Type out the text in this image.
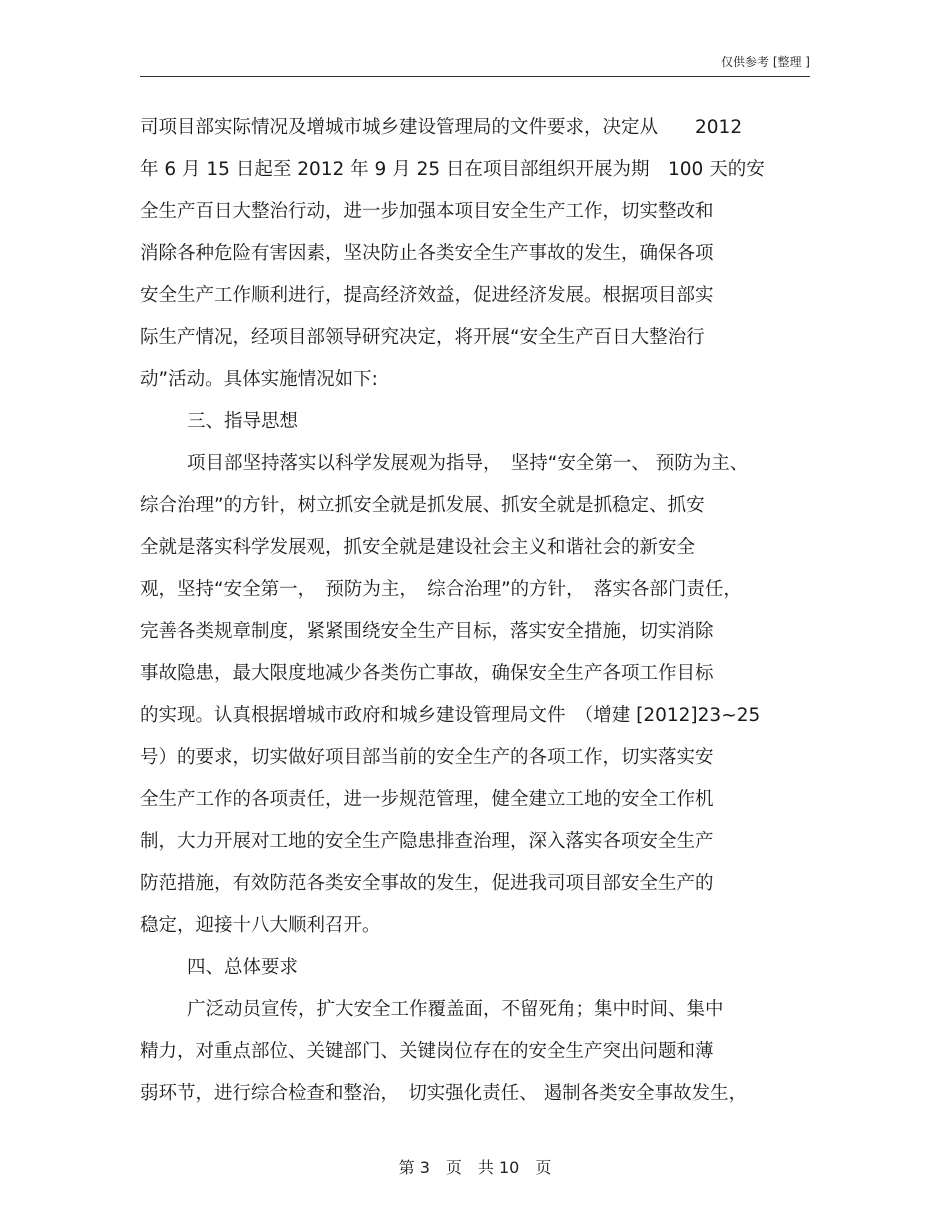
仅供参考 [整理 ]
司项目部实际情况及增城市城乡建设管理局的文件要求，决定从　　2012
年 6 月 15 日起至 2012 年 9 月 25 日在项目部组织开展为期　100 天的安
全生产百日大整治行动，进一步加强本项目安全生产工作，切实整改和
消除各种危险有害因素，坚决防止各类安全生产事故的发生，确保各项
安全生产工作顺利进行，提高经济效益，促进经济发展。根据项目部实
际生产情况，经项目部领导研究决定，将开展“安全生产百日大整治行
动”活动。具体实施情况如下:
三、指导思想
项目部坚持落实以科学发展观为指导，　坚持“安全第一、 预防为主、
综合治理”的方针，树立抓安全就是抓发展、抓安全就是抓稳定、抓安
全就是落实科学发展观，抓安全就是建设社会主义和谐社会的新安全
观，坚持“安全第一，　预防为主，　综合治理”的方针，　落实各部门责任，
完善各类规章制度，紧紧围绕安全生产目标，落实安全措施，切实消除
事故隐患，最大限度地减少各类伤亡事故，确保安全生产各项工作目标
的实现。认真根据增城市政府和城乡建设管理局文件　（增建 [2012]23~25
号）的要求，切实做好项目部当前的安全生产的各项工作，切实落实安
全生产工作的各项责任，进一步规范管理，健全建立工地的安全工作机
制，大力开展对工地的安全生产隐患排查治理，深入落实各项安全生产
防范措施，有效防范各类安全事故的发生，促进我司项目部安全生产的
稳定，迎接十八大顺利召开。
四、总体要求
广泛动员宣传，扩大安全工作覆盖面，不留死角；集中时间、集中
精力，对重点部位、关键部门、关键岗位存在的安全生产突出问题和薄
弱环节，进行综合检查和整治，　切实强化责任、 遏制各类安全事故发生，
第 3　页　共 10　页
